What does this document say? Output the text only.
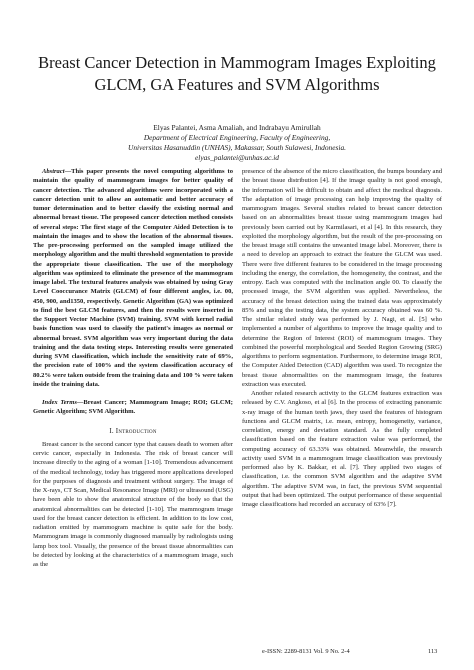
Breast Cancer Detection in Mammogram Images Exploiting GLCM, GA Features and SVM Algorithms
Elyas Palantei, Asma Amaliah, and Indrabayu Amirullah
Department of Electrical Engineering, Faculty of Engineering,
Universitas Hasanuddin (UNHAS), Makassar, South Sulawesi, Indonesia.
elyas_palantei@unhas.ac.id

Abstract—This paper presents the novel computing algorithms to maintain the quality of mammogram images for better quality of cancer detection. The advanced algorithms were incorporated with a cancer detection unit to allow an automatic and better accuracy of tumor determination and to better classify the existing normal and abnormal breast tissue. The proposed cancer detection method consists of several steps: The first stage of the Computer Aided Detection is to maintain the images and to show the location of the abnormal tissues. The pre-processing performed on the sampled image utilized the morphology algorithm and the multi threshold segmentation to provide the appropriate tissue classification. The use of the morphology algorithm was optimized to eliminate the presence of the mammogram image label. The textural features analysis was obtained by using Gray Level Cooccurance Matrix (GLCM) of four different angles, i.e. 00, 450, 900, and1350, respectively. Genetic Algorithm (GA) was optimized to find the best GLCM features, and then the results were inserted in the Support Vector Machine (SVM) training. SVM with kernel radial basis function was used to classify the patient's images as normal or abnormal breast. SVM algorithm was very important during the data training and the data testing steps. Interesting results were generated during SVM classification, which include the sensitivity rate of 69%, the precision rate of 100% and the system classification accuracy of 80.2% were taken outside from the training data and 100 % were taken inside the training data.

Index Terms—Breast Cancer; Mammogram Image; ROI; GLCM; Genetic Algorithm; SVM Algorithm.

I. Introduction

Breast cancer is the second cancer type that causes death to women after cervic cancer, especially in Indonesia. The risk of breast cancer will increase directly to the aging of a woman [1-10]. Tremendous advancement of the medical technology, today has triggered more applications developed for the purposes of diagnosis and treatment without surgery. The image of the X-rays, CT Scan, Medical Resonance Image (MRI) or ultrasound (USG) have been able to show the anatomical structure of the body so that the anatomical abnormalities can be detected [1-10]. The mammogram image used for the breast cancer detection is efficient. In addition to its low cost, radiation emitted by mammogram machine is quite safe for the body. Mammogram image is commonly diagnosed manually by radiologists using lamp box tool. Visually, the presence of the breast tissue abnormalities can be detected by looking at the characteristics of a mammogram image, such as the

presence of the absence of the micro classification, the bumps boundary and the breast tissue distribution [4]. If the image quality is not good enough, the information will be difficult to obtain and affect the medical diagnosis. The adaptation of image processing can help improving the quality of mammogram images. Several studies related to breast cancer detection based on an abnormalities breast tissue using mammogram images had previously been carried out by Karmilasari, et al [4]. In this research, they exploited the morphology algorithm, but the result of the pre-processing on the breast image still contains the unwanted image label. Moreover, there is a need to develop an approach to extract the feature the GLCM was used. There were five different features to be considered in the image processing including the energy, the correlation, the homogeneity, the contrast, and the entropy. Each was computed with the inclination angle 00. To classify the processed image, the SVM algorithm was applied. Nevertheless, the accuracy of the breast detection using the trained data was approximately 85% and using the testing data, the system accuracy obtained was 60 %. The similar related study was performed by J. Nagi, et al. [5] who implemented a number of algorithms to improve the image quality and to determine the Region of Interest (ROI) of mammogram images. They combined the powerful morphological and Seeded Region Growing (SRG) algorithms to perform segmentation. Furthermore, to determine image ROI, the Computer Aided Detection (CAD) algorithm was used. To recognize the breast tissue abnormalities on the mammogram image, the features extraction was executed.

Another related research activity to the GLCM features extraction was released by C.V. Angkoso, et al [6]. In the process of extracting panoramic x-ray image of the human teeth jaws, they used the features of histogram functions and GLCM matrix, i.e. mean, entropy, homogeneity, variance, correlation, energy and deviation standard. As the fully completed classification based on the feature extraction value was performed, the computing accuracy of 63.33% was obtained. Meanwhile, the research activity used SVM in a mammogram image classification was previously performed also by K. Bakkar, et al. [7]. They applied two stages of classification, i.e. the common SVM algorithm and the adaptive SVM algorithm. The adaptive SVM was, in fact, the previous SVM sequential output that had been optimized. The output performance of these sequential image classifications had recorded an accuracy of 63% [7].

e-ISSN: 2289-8131 Vol. 9 No. 2-4	113
